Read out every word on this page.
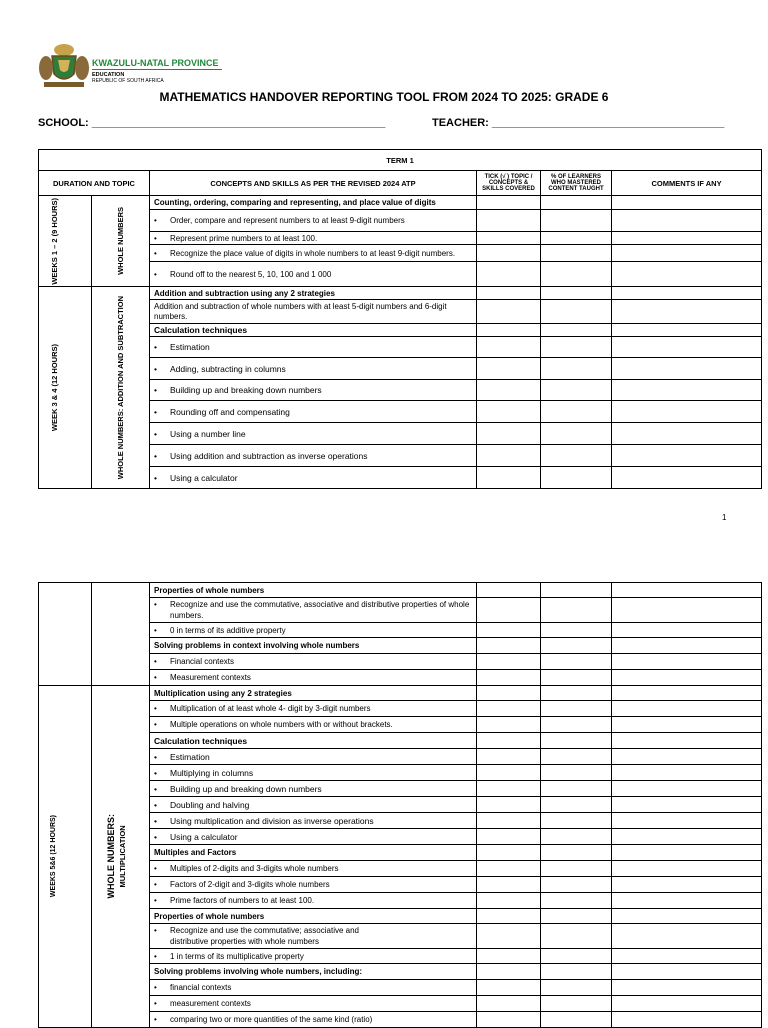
KWAZULU-NATAL PROVINCE
EDUCATION
REPUBLIC OF SOUTH AFRICA
MATHEMATICS HANDOVER REPORTING TOOL FROM 2024 TO 2025: GRADE 6
SCHOOL: ________________________________________________	TEACHER: ______________________________________
TERM 1					
DURATION AND TOPIC		CONCEPTS AND SKILLS AS PER THE REVISED 2024 ATP	TICK (√ ) TOPIC / CONCEPTS & SKILLS COVERED	% OF LEARNERS WHO MASTERED CONTENT TAUGHT	COMMENTS IF ANY

WEEKS 1 – 2 (9 HOURS)	WHOLE NUMBERS	Counting, ordering, comparing and representing, and place value of digits			
		• Order, compare and represent numbers to at least 9-digit numbers			
		• Represent prime numbers to at least 100.			
		• Recognize the place value of digits in whole numbers to at least 9-digit numbers.			
		• Round off to the nearest 5, 10, 100 and 1 000			

WEEK 3 & 4 (12 HOURS)	WHOLE NUMBERS: ADDITION AND SUBTRACTION	Addition and subtraction using any 2 strategies			
		Addition and subtraction of whole numbers with at least 5-digit numbers and 6-digit numbers.			
		Calculation techniques			
		• Estimation			
		• Adding, subtracting in columns			
		• Building up and breaking down numbers			
		• Rounding off and compensating			
		• Using a number line			
		• Using addition and subtraction as inverse operations			
		• Using a calculator			
1
		Properties of whole numbers			

		• Recognize and use the commutative, associative and distributive properties of whole numbers.			

		• 0 in terms of its additive property			
		Solving problems in context involving whole numbers			
		• Financial contexts			
		• Measurement contexts			

WEEKS 5&6 (12 HOURS)	WHOLE NUMBERS: MULTIPLICATION	Multiplication using any 2 strategies			
		• Multiplication of at least whole 4- digit by 3-digit numbers			
		• Multiple operations on whole numbers with or without brackets.			
		Calculation techniques			
		• Estimation			
		• Multiplying in columns			
		• Building up and breaking down numbers			
		• Doubling and halving			
		• Using multiplication and division as inverse operations			
		• Using a calculator			
		Multiples and Factors			
		• Multiples of 2-digits and 3-digits whole numbers			
		• Factors of 2-digit and 3-digits whole numbers			
		• Prime factors of numbers to at least 100.			
		Properties of whole numbers			

		• Recognize and use the commutative; associative and distributive properties with whole numbers			

		• 1 in terms of its multiplicative property			
		Solving problems involving whole numbers, including:			
		• financial contexts			
		• measurement contexts			
		• comparing two or more quantities of the same kind (ratio)			
